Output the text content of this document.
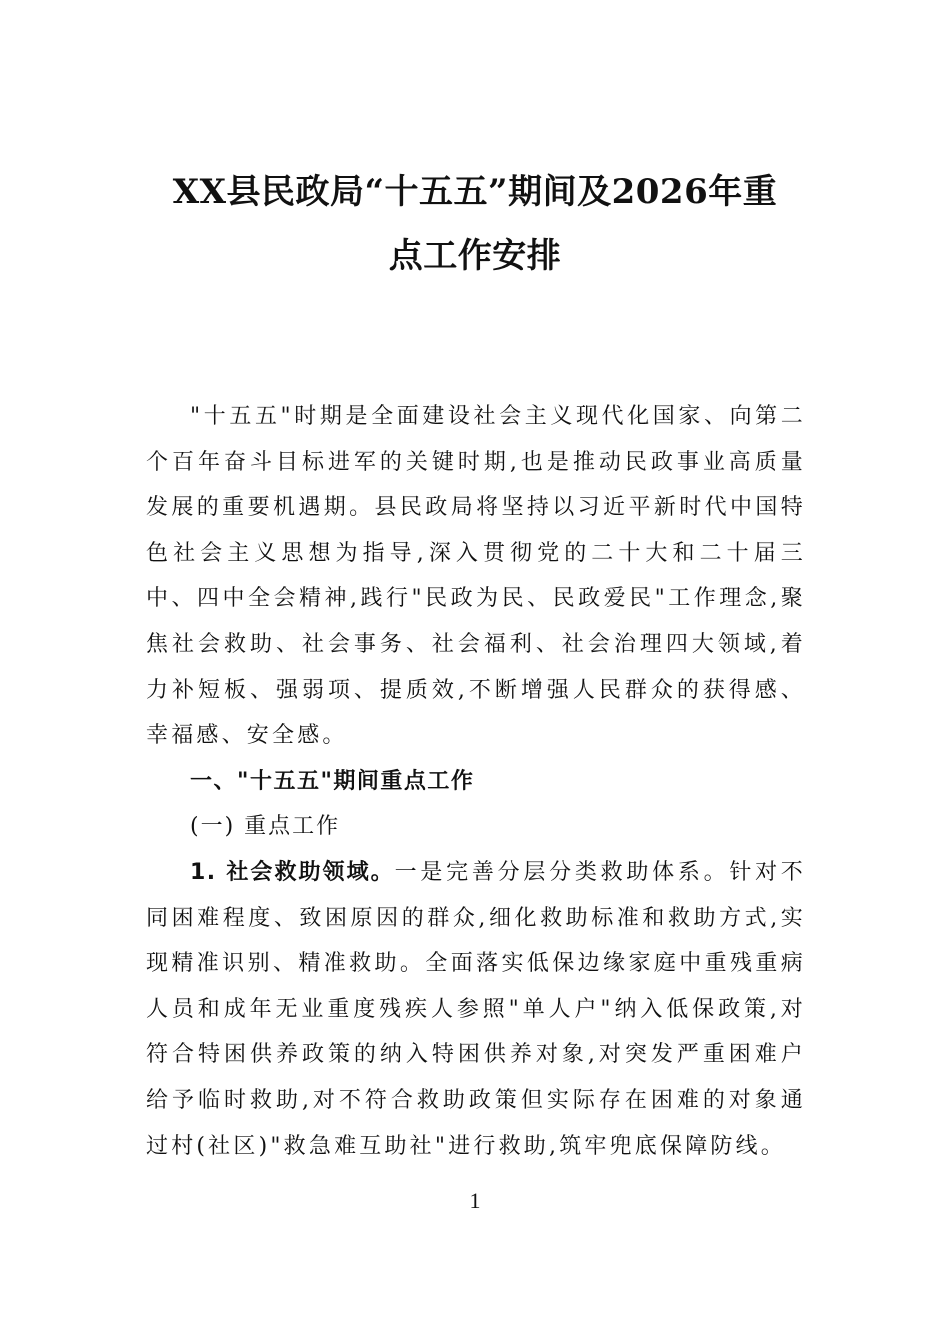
XX县民政局“十五五”期间及2026年重
点工作安排

"十五五"时期是全面建设社会主义现代化国家、向第二个百年奋斗目标进军的关键时期,也是推动民政事业高质量发展的重要机遇期。县民政局将坚持以习近平新时代中国特色社会主义思想为指导,深入贯彻党的二十大和二十届三中、四中全会精神,践行"民政为民、民政爱民"工作理念,聚焦社会救助、社会事务、社会福利、社会治理四大领域,着力补短板、强弱项、提质效,不断增强人民群众的获得感、幸福感、安全感。

一、"十五五"期间重点工作

(一) 重点工作

1. 社会救助领域。一是完善分层分类救助体系。针对不同困难程度、致困原因的群众,细化救助标准和救助方式,实现精准识别、精准救助。全面落实低保边缘家庭中重残重病人员和成年无业重度残疾人参照"单人户"纳入低保政策,对符合特困供养政策的纳入特困供养对象,对突发严重困难户给予临时救助,对不符合救助政策但实际存在困难的对象通过村(社区)"救急难互助社"进行救助,筑牢兜底保障防线。

1
